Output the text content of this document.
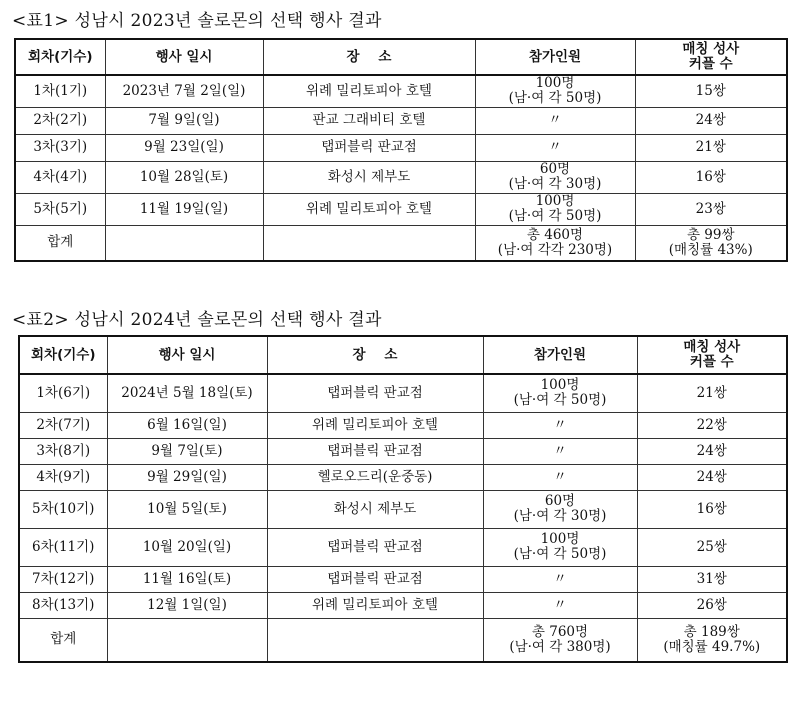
<표1> 성남시 2023년 솔로몬의 선택 행사 결과
회차(기수)	행사 일시	장    소	참가인원	매칭 성사
커플 수

1차(1기)	2023년 7월 2일(일)	위례 밀리토피아 호텔	100명
(남·여 각 50명)	15쌍
2차(2기)	7월 9일(일)	판교 그래비티 호텔	〃	24쌍
3차(3기)	9월 23일(일)	탭퍼블릭 판교점	〃	21쌍
4차(4기)	10월 28일(토)	화성시 제부도	60명
(남·여 각 30명)	16쌍
5차(5기)	11월 19일(일)	위례 밀리토피아 호텔	100명
(남·여 각 50명)	23쌍
합계			총 460명
(남·여 각각 230명)	총 99쌍
(매칭률 43%)
<표2> 성남시 2024년 솔로몬의 선택 행사 결과
회차(기수)	행사 일시	장    소	참가인원	매칭 성사
커플 수

1차(6기)	2024년 5월 18일(토)	탭퍼블릭 판교점	100명
(남·여 각 50명)	21쌍
2차(7기)	6월 16일(일)	위례 밀리토피아 호텔	〃	22쌍
3차(8기)	9월 7일(토)	탭퍼블릭 판교점	〃	24쌍
4차(9기)	9월 29일(일)	헬로오드리(운중동)	〃	24쌍
5차(10기)	10월 5일(토)	화성시 제부도	60명
(남·여 각 30명)	16쌍
6차(11기)	10월 20일(일)	탭퍼블릭 판교점	100명
(남·여 각 50명)	25쌍
7차(12기)	11월 16일(토)	탭퍼블릭 판교점	〃	31쌍
8차(13기)	12월 1일(일)	위례 밀리토피아 호텔	〃	26쌍
합계			총 760명
(남·여 각 380명)	총 189쌍
(매칭률 49.7%)
